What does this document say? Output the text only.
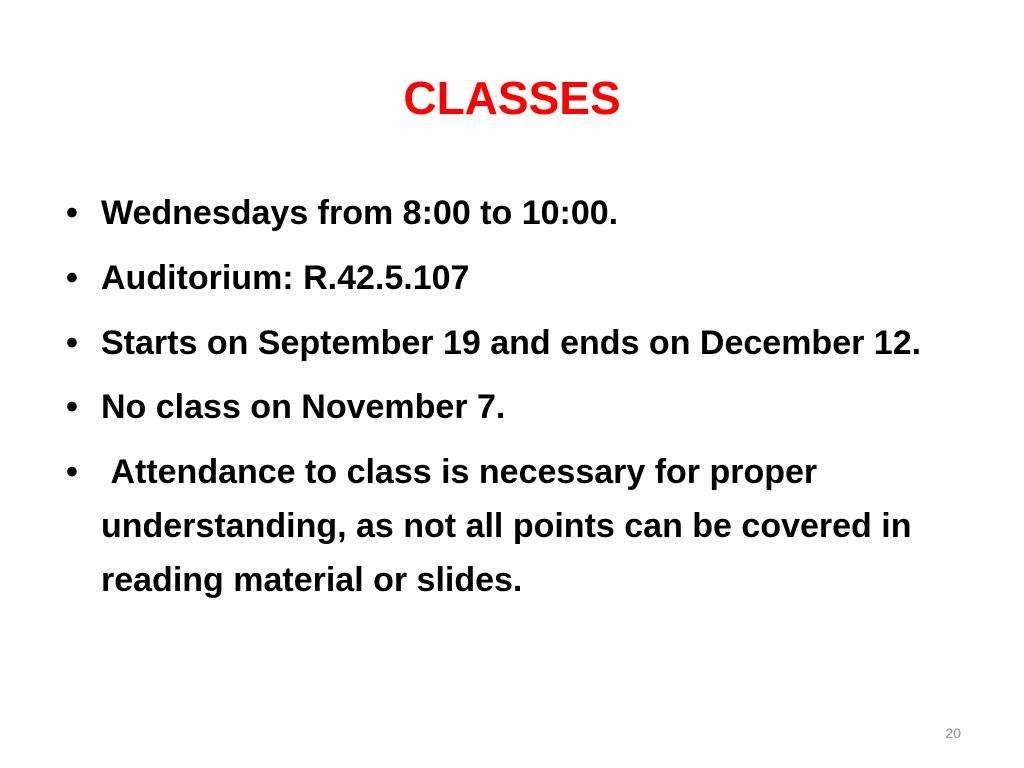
CLASSES
• Wednesdays from 8:00 to 10:00.
• Auditorium: R.42.5.107
• Starts on September 19 and ends on December 12.
• No class on November 7.
• Attendance to class is necessary for proper understanding, as not all points can be covered in reading material or slides.
20
